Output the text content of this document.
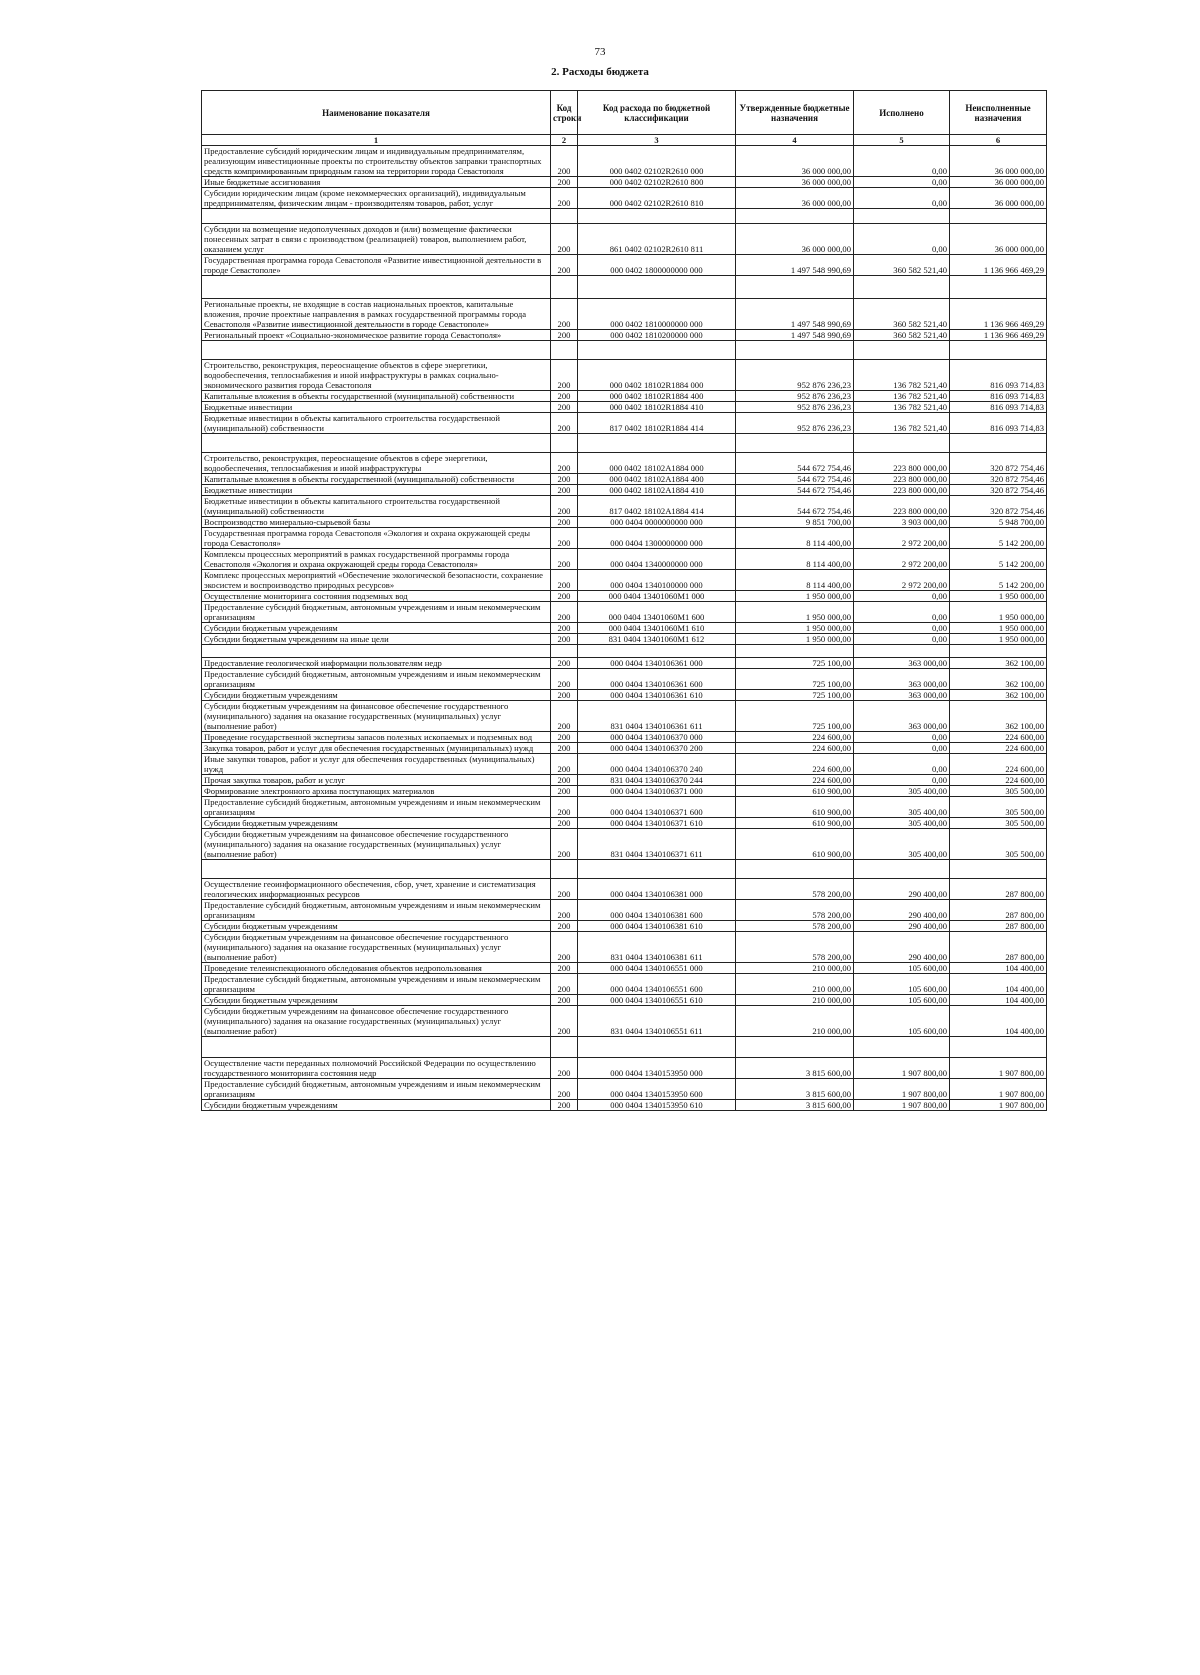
73
2. Расходы бюджета
Наименование показателя	Код строки	Код расхода по бюджетной классификации	Утвержденные бюджетные назначения	Исполнено	Неисполненные назначения
1	2	3	4	5	6
Предоставление субсидий юридическим лицам и индивидуальным предпринимателям, реализующим инвестиционные проекты по строительству объектов заправки транспортных средств компримированным природным газом на территории города Севастополя	200	000 0402 02102R2610 000	36 000 000,00	0,00	36 000 000,00
Иные бюджетные ассигнования	200	000 0402 02102R2610 800	36 000 000,00	0,00	36 000 000,00
Субсидии юридическим лицам (кроме некоммерческих организаций), индивидуальным предпринимателям, физическим лицам - производителям товаров, работ, услуг	200	000 0402 02102R2610 810	36 000 000,00	0,00	36 000 000,00

Субсидии на возмещение недополученных доходов и (или) возмещение фактически понесенных затрат в связи с производством (реализацией) товаров, выполнением работ, оказанием услуг	200	861 0402 02102R2610 811	36 000 000,00	0,00	36 000 000,00
Государственная программа города Севастополя «Развитие инвестиционной деятельности в городе Севастополе»	200	000 0402 1800000000 000	1 497 548 990,69	360 582 521,40	1 136 966 469,29

Региональные проекты, не входящие в состав национальных проектов, капитальные вложения, прочие проектные направления в рамках государственной программы города Севастополя «Развитие инвестиционной деятельности в городе Севастополе»	200	000 0402 1810000000 000	1 497 548 990,69	360 582 521,40	1 136 966 469,29
Региональный проект «Социально-экономическое развитие города Севастополя»	200	000 0402 1810200000 000	1 497 548 990,69	360 582 521,40	1 136 966 469,29

Строительство, реконструкция, переоснащение объектов в сфере энергетики, водообеспечения, теплоснабжения и иной инфраструктуры в рамках социально-экономического развития города Севастополя	200	000 0402 18102R1884 000	952 876 236,23	136 782 521,40	816 093 714,83
Капитальные вложения в объекты государственной (муниципальной) собственности	200	000 0402 18102R1884 400	952 876 236,23	136 782 521,40	816 093 714,83
Бюджетные инвестиции	200	000 0402 18102R1884 410	952 876 236,23	136 782 521,40	816 093 714,83
Бюджетные инвестиции в объекты капитального строительства государственной (муниципальной) собственности	200	817 0402 18102R1884 414	952 876 236,23	136 782 521,40	816 093 714,83

Строительство, реконструкция, переоснащение объектов в сфере энергетики, водообеспечения, теплоснабжения и иной инфраструктуры	200	000 0402 18102A1884 000	544 672 754,46	223 800 000,00	320 872 754,46
Капитальные вложения в объекты государственной (муниципальной) собственности	200	000 0402 18102A1884 400	544 672 754,46	223 800 000,00	320 872 754,46
Бюджетные инвестиции	200	000 0402 18102A1884 410	544 672 754,46	223 800 000,00	320 872 754,46
Бюджетные инвестиции в объекты капитального строительства государственной (муниципальной) собственности	200	817 0402 18102A1884 414	544 672 754,46	223 800 000,00	320 872 754,46
Воспроизводство минерально-сырьевой базы	200	000 0404 0000000000 000	9 851 700,00	3 903 000,00	5 948 700,00
Государственная программа города Севастополя «Экология и охрана окружающей среды города Севастополя»	200	000 0404 1300000000 000	8 114 400,00	2 972 200,00	5 142 200,00
Комплексы процессных мероприятий в рамках государственной программы города Севастополя «Экология и охрана окружающей среды города Севастополя»	200	000 0404 1340000000 000	8 114 400,00	2 972 200,00	5 142 200,00
Комплекс процессных мероприятий «Обеспечение экологической безопасности, сохранение экосистем и воспроизводство природных ресурсов»	200	000 0404 1340100000 000	8 114 400,00	2 972 200,00	5 142 200,00
Осуществление мониторинга состояния подземных вод	200	000 0404 13401060M1 000	1 950 000,00	0,00	1 950 000,00
Предоставление субсидий бюджетным, автономным учреждениям и иным некоммерческим организациям	200	000 0404 13401060M1 600	1 950 000,00	0,00	1 950 000,00
Субсидии бюджетным учреждениям	200	000 0404 13401060M1 610	1 950 000,00	0,00	1 950 000,00
Субсидии бюджетным учреждениям на иные цели	200	831 0404 13401060M1 612	1 950 000,00	0,00	1 950 000,00

Предоставление геологической информации пользователям недр	200	000 0404 1340106361 000	725 100,00	363 000,00	362 100,00
Предоставление субсидий бюджетным, автономным учреждениям и иным некоммерческим организациям	200	000 0404 1340106361 600	725 100,00	363 000,00	362 100,00
Субсидии бюджетным учреждениям	200	000 0404 1340106361 610	725 100,00	363 000,00	362 100,00
Субсидии бюджетным учреждениям на финансовое обеспечение государственного (муниципального) задания на оказание государственных (муниципальных) услуг (выполнение работ)	200	831 0404 1340106361 611	725 100,00	363 000,00	362 100,00
Проведение государственной экспертизы запасов полезных ископаемых и подземных вод	200	000 0404 1340106370 000	224 600,00	0,00	224 600,00
Закупка товаров, работ и услуг для обеспечения государственных (муниципальных) нужд	200	000 0404 1340106370 200	224 600,00	0,00	224 600,00
Иные закупки товаров, работ и услуг для обеспечения государственных (муниципальных) нужд	200	000 0404 1340106370 240	224 600,00	0,00	224 600,00
Прочая закупка товаров, работ и услуг	200	831 0404 1340106370 244	224 600,00	0,00	224 600,00
Формирование электронного архива поступающих материалов	200	000 0404 1340106371 000	610 900,00	305 400,00	305 500,00
Предоставление субсидий бюджетным, автономным учреждениям и иным некоммерческим организациям	200	000 0404 1340106371 600	610 900,00	305 400,00	305 500,00
Субсидии бюджетным учреждениям	200	000 0404 1340106371 610	610 900,00	305 400,00	305 500,00
Субсидии бюджетным учреждениям на финансовое обеспечение государственного (муниципального) задания на оказание государственных (муниципальных) услуг (выполнение работ)	200	831 0404 1340106371 611	610 900,00	305 400,00	305 500,00

Осуществление геоинформационного обеспечения, сбор, учет, хранение и систематизация геологических информационных ресурсов	200	000 0404 1340106381 000	578 200,00	290 400,00	287 800,00
Предоставление субсидий бюджетным, автономным учреждениям и иным некоммерческим организациям	200	000 0404 1340106381 600	578 200,00	290 400,00	287 800,00
Субсидии бюджетным учреждениям	200	000 0404 1340106381 610	578 200,00	290 400,00	287 800,00
Субсидии бюджетным учреждениям на финансовое обеспечение государственного (муниципального) задания на оказание государственных (муниципальных) услуг (выполнение работ)	200	831 0404 1340106381 611	578 200,00	290 400,00	287 800,00
Проведение телеинспекционного обследования объектов недропользования	200	000 0404 1340106551 000	210 000,00	105 600,00	104 400,00
Предоставление субсидий бюджетным, автономным учреждениям и иным некоммерческим организациям	200	000 0404 1340106551 600	210 000,00	105 600,00	104 400,00
Субсидии бюджетным учреждениям	200	000 0404 1340106551 610	210 000,00	105 600,00	104 400,00
Субсидии бюджетным учреждениям на финансовое обеспечение государственного (муниципального) задания на оказание государственных (муниципальных) услуг (выполнение работ)	200	831 0404 1340106551 611	210 000,00	105 600,00	104 400,00

Осуществление части переданных полномочий Российской Федерации по осуществлению государственного мониторинга состояния недр	200	000 0404 1340153950 000	3 815 600,00	1 907 800,00	1 907 800,00
Предоставление субсидий бюджетным, автономным учреждениям и иным некоммерческим организациям	200	000 0404 1340153950 600	3 815 600,00	1 907 800,00	1 907 800,00
Субсидии бюджетным учреждениям	200	000 0404 1340153950 610	3 815 600,00	1 907 800,00	1 907 800,00
